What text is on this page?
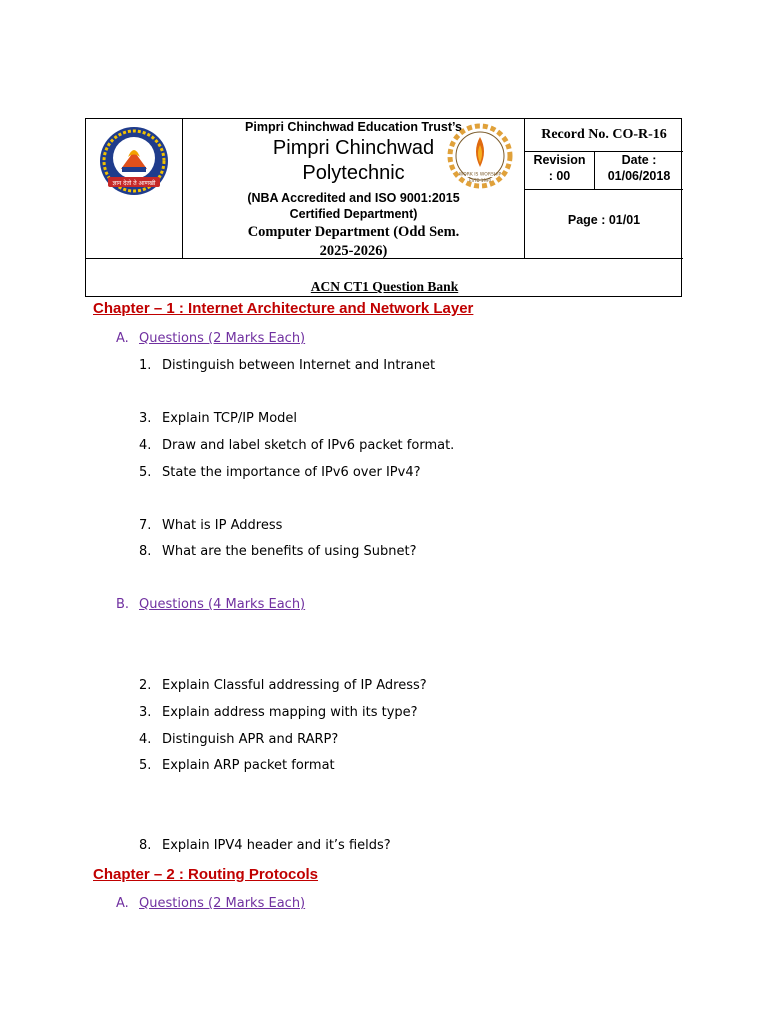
ज्ञान देतो ते आणखी
Pimpri Chinchwad Education Trust’s
Pimpri Chinchwad
Polytechnic
(NBA Accredited and ISO 9001:2015
Certified Department)
Computer Department (Odd Sem.
2025-2026)
WORK IS WORSHIP
ESTD 1990
Record No. CO-R-16
Revision
: 00
Date :
01/06/2018
Page : 01/01
ACN CT1 Question Bank
Chapter – 1 : Internet Architecture and Network Layer
A. Questions (2 Marks Each)
1. Distinguish between Internet and Intranet
3. Explain TCP/IP Model
4. Draw and label sketch of IPv6 packet format.
5. State the importance of IPv6 over IPv4?
7. What is IP Address
8. What are the benefits of using Subnet?
B. Questions (4 Marks Each)
2. Explain Classful addressing of IP Adress?
3. Explain address mapping with its type?
4. Distinguish APR and RARP?
5. Explain ARP packet format
8. Explain IPV4 header and it’s fields?
Chapter – 2 : Routing Protocols
A. Questions (2 Marks Each)
